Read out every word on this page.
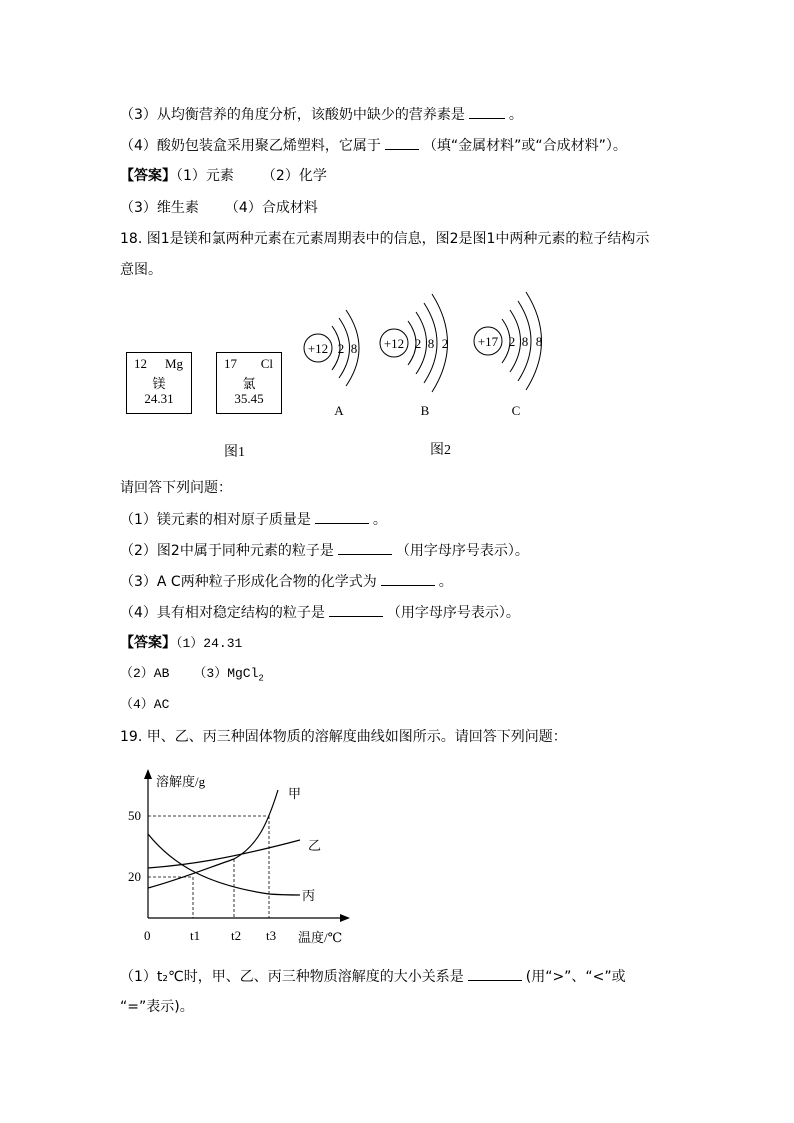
（3）从均衡营养的角度分析，该酸奶中缺少的营养素是	。
（4）酸奶包装盒采用聚乙烯塑料，它属于	（填“金属材料”或“合成材料”）。
【答案】（1）元素 （2）化学
（3）维生素 （4）合成材料
18. 图1是镁和氯两种元素在元素周期表中的信息，图2是图1中两种元素的粒子结构示
意图。
12 Mg
镁
24.31
17 Cl
氯
35.45
图1
+12 2 8 +12 2 8 2 +17 2 8 8
A	B	C
图2
请回答下列问题：
（1）镁元素的相对原子质量是	。
（2）图2中属于同种元素的粒子是	（用字母序号表示）。
（3）A C两种粒子形成化合物的化学式为	。
（4）具有相对稳定结构的粒子是	（用字母序号表示）。
【答案】（1）24.31
（2）AB （3）MgCl$_2$
（4）AC
19. 甲、乙、丙三种固体物质的溶解度曲线如图所示。请回答下列问题：
溶解度/g
50
20
0	t1 t2 t3 温度/℃
甲
乙
丙
（1）t₂℃时，甲、乙、丙三种物质溶解度的大小关系是	(用“>”、“<”或
“=”表示)。
